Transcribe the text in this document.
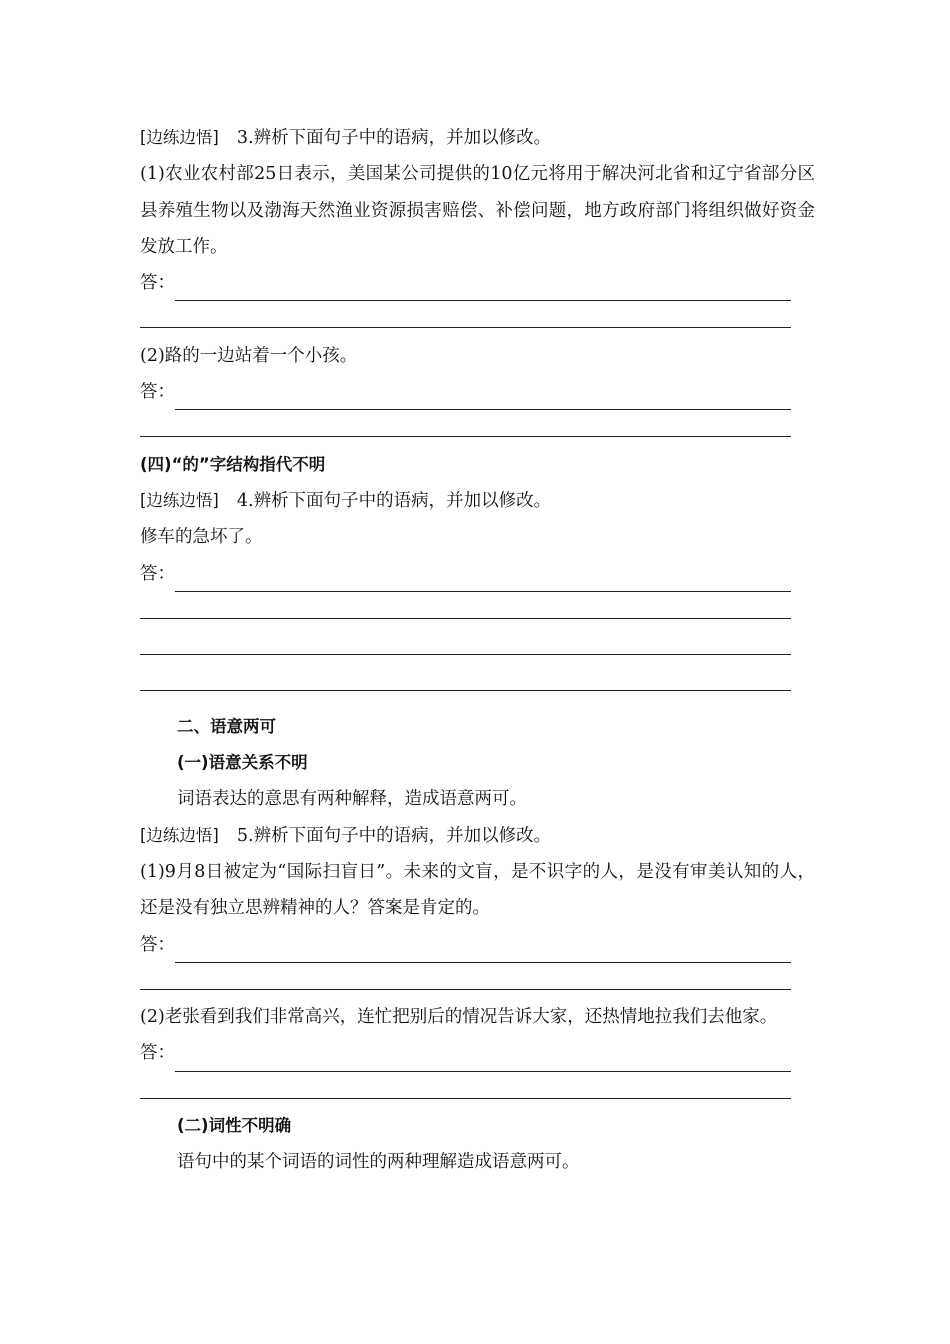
[边练边悟] 3.辨析下面句子中的语病，并加以修改。
(1)农业农村部25日表示，美国某公司提供的10亿元将用于解决河北省和辽宁省部分区县养殖生物以及渤海天然渔业资源损害赔偿、补偿问题，地方政府部门将组织做好资金发放工作。
答：
(2)路的一边站着一个小孩。
答：
(四)“的”字结构指代不明
[边练边悟] 4.辨析下面句子中的语病，并加以修改。
修车的急坏了。
答：
二、语意两可
(一)语意关系不明
词语表达的意思有两种解释，造成语意两可。
[边练边悟] 5.辨析下面句子中的语病，并加以修改。
(1)9月8日被定为“国际扫盲日”。未来的文盲，是不识字的人，是没有审美认知的人，还是没有独立思辨精神的人？答案是肯定的。
答：
(2)老张看到我们非常高兴，连忙把别后的情况告诉大家，还热情地拉我们去他家。
答：
(二)词性不明确
语句中的某个词语的词性的两种理解造成语意两可。
